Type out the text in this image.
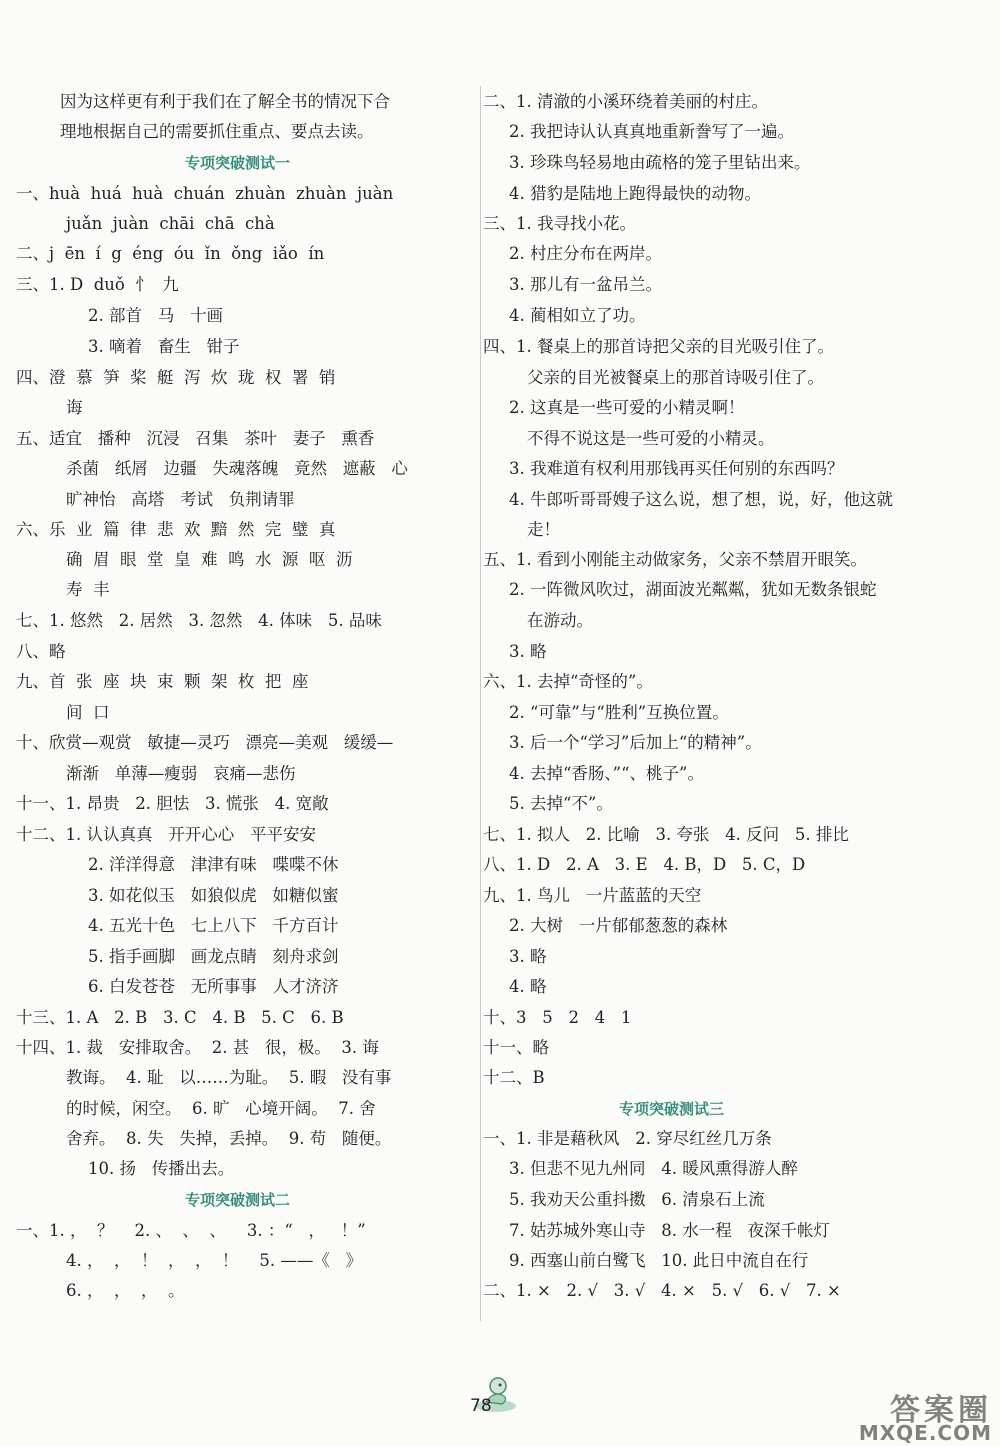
因为这样更有利于我们在了解全书的情况下合
理地根据自己的需要抓住重点、要点去读。
专项突破测试一
一、huà  huá  huà  chuán  zhuàn  zhuàn  juàn
juǎn  juàn  chāi  chā  chà
二、j  ēn  í  g  éng  óu  ǐn  ǒng  iǎo  ín
三、1. D  duǒ  忄  九
2. 部首   马   十画
3. 嘀着   畜生   钳子
四、澄  慕  笋  桨  艇  泻  炊  珑  权  署  销
诲
五、适宜   播种   沉浸   召集   茶叶   妻子   熏香
杀菌   纸屑   边疆   失魂落魄   竟然   遮蔽   心
旷神怡   高塔   考试   负荆请罪
六、乐  业  篇  律  悲  欢  黯  然  完  璧  真
确  眉  眼  堂  皇  难  鸣  水  源  呕  沥
寿  丰
七、1. 悠然   2. 居然   3. 忽然   4. 体味   5. 品味
八、略
九、首  张  座  块  束  颗  架  枚  把  座
间  口
十、欣赏—观赏   敏捷—灵巧   漂亮—美观   缓缓—
渐渐   单薄—瘦弱   哀痛—悲伤
十一、1. 昂贵   2. 胆怯   3. 慌张   4. 宽敞
十二、1. 认认真真   开开心心   平平安安
2. 洋洋得意   津津有味   喋喋不休
3. 如花似玉   如狼似虎   如糖似蜜
4. 五光十色   七上八下   千方百计
5. 指手画脚   画龙点睛   刻舟求剑
6. 白发苍苍   无所事事   人才济济
十三、1. A   2. B   3. C   4. B   5. C   6. B
十四、1. 裁   安排取舍。  2. 甚   很，极。  3. 诲
教诲。  4. 耻   以……为耻。  5. 暇   没有事
的时候，闲空。  6. 旷   心境开阔。  7. 舍
舍弃。  8. 失   失掉，丢掉。  9. 苟   随便。
10. 扬   传播出去。
专项突破测试二
一、1. ，  ？    2. 、  、  、    3. ：“   ，   ！”
4. ，  ，  ！  ，  ，  ！    5. ——《   》
6. ，  ，  ，  。
二、1. 清澈的小溪环绕着美丽的村庄。
2. 我把诗认认真真地重新誊写了一遍。
3. 珍珠鸟轻易地由疏格的笼子里钻出来。
4. 猎豹是陆地上跑得最快的动物。
三、1. 我寻找小花。
2. 村庄分布在两岸。
3. 那儿有一盆吊兰。
4. 蔺相如立了功。
四、1. 餐桌上的那首诗把父亲的目光吸引住了。
父亲的目光被餐桌上的那首诗吸引住了。
2. 这真是一些可爱的小精灵啊！
不得不说这是一些可爱的小精灵。
3. 我难道有权利用那钱再买任何别的东西吗？
4. 牛郎听哥哥嫂子这么说，想了想，说，好，他这就
走！
五、1. 看到小刚能主动做家务，父亲不禁眉开眼笑。
2. 一阵微风吹过，湖面波光粼粼，犹如无数条银蛇
在游动。
3. 略
六、1. 去掉“奇怪的”。
2. “可靠”与“胜利”互换位置。
3. 后一个“学习”后加上“的精神”。
4. 去掉“香肠、”“、桃子”。
5. 去掉“不”。
七、1. 拟人   2. 比喻   3. 夸张   4. 反问   5. 排比
八、1. D   2. A   3. E   4. B，D   5. C，D
九、1. 鸟儿   一片蓝蓝的天空
2. 大树   一片郁郁葱葱的森林
3. 略
4. 略
十、3   5   2   4   1
十一、略
十二、B
专项突破测试三
一、1. 非是藉秋风   2. 穿尽红丝几万条
3. 但悲不见九州同   4. 暖风熏得游人醉
5. 我劝天公重抖擞   6. 清泉石上流
7. 姑苏城外寒山寺   8. 水一程   夜深千帐灯
9. 西塞山前白鹭飞   10. 此日中流自在行
二、1. ×   2. √   3. √   4. ×   5. √   6. √   7. ×
78	答案圈
MXQE.COM
